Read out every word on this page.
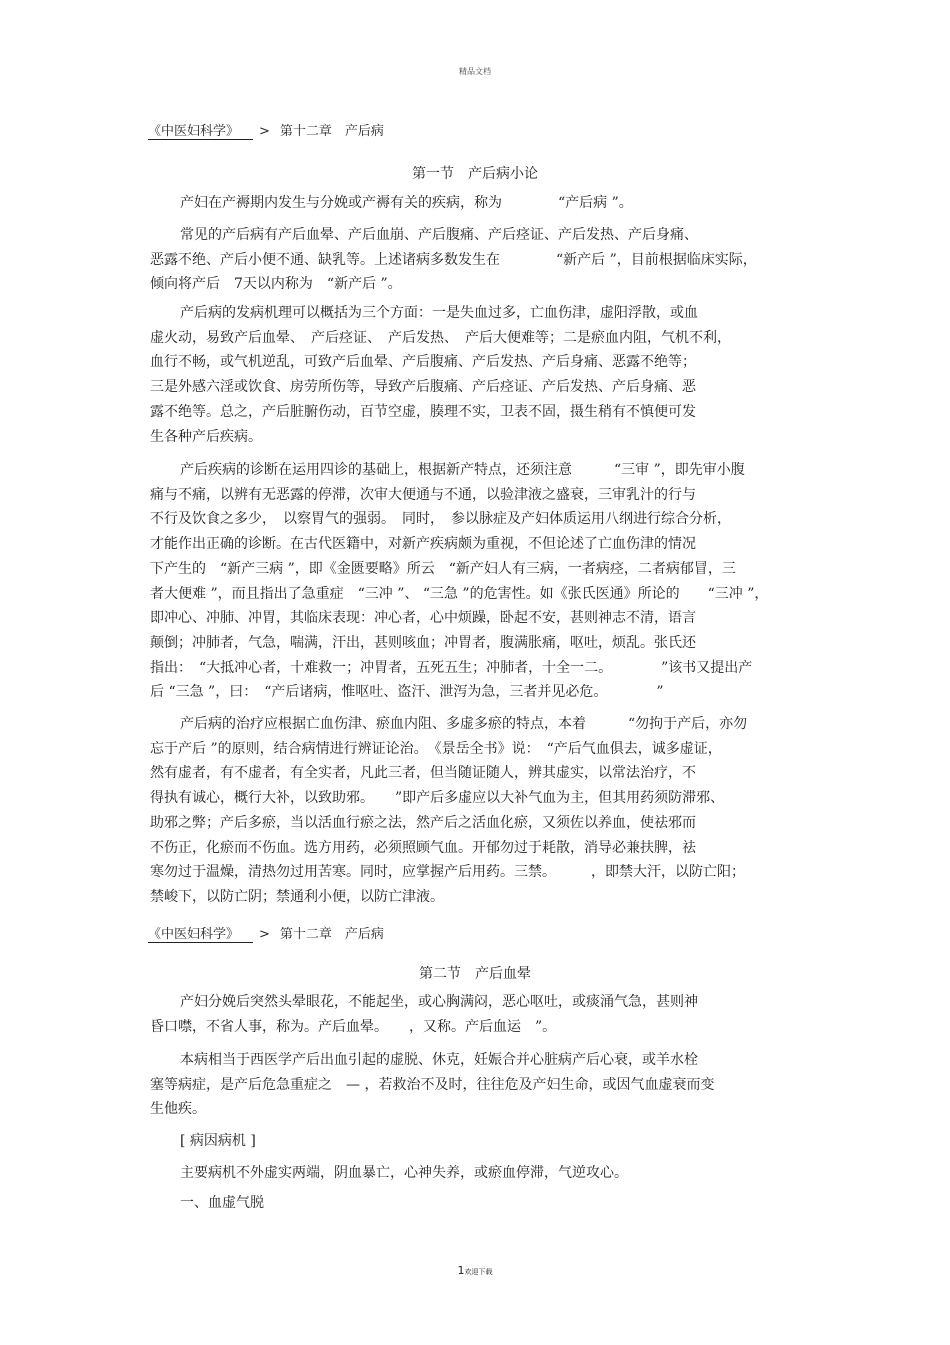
精品文档
《中医妇科学》 > 第十二章　产后病
第一节　产后病小论
产妇在产褥期内发生与分娩或产褥有关的疾病，称为　　　　“产后病 ”。
常见的产后病有产后血晕、产后血崩、产后腹痛、产后痉证、产后发热、产后身痛、
恶露不绝、产后小便不通、缺乳等。上述诸病多数发生在　　　　“新产后 ”，目前根据临床实际，
倾向将产后　7天以内称为　“新产后 ”。
产后病的发病机理可以概括为三个方面：一是失血过多，亡血伤津，虚阳浮散，或血
虚火动，易致产后血晕、　产后痉证、　产后发热、　产后大便难等；二是瘀血内阻，气机不利，
血行不畅，或气机逆乱，可致产后血晕、产后腹痛、产后发热、产后身痛、恶露不绝等；
三是外感六淫或饮食、房劳所伤等，导致产后腹痛、产后痉证、产后发热、产后身痛、恶
露不绝等。总之，产后脏腑伤动，百节空虚，腠理不实，卫表不固，摄生稍有不慎便可发
生各种产后疾病。
产后疾病的诊断在运用四诊的基础上，根据新产特点，还须注意　　　“三审 ”，即先审小腹
痛与不痛，以辨有无恶露的停滞，次审大便通与不通，以验津液之盛衰，三审乳汁的行与
不行及饮食之多少，　以察胃气的强弱。　同时，　参以脉症及产妇体质运用八纲进行综合分析，
才能作出正确的诊断。在古代医籍中，对新产疾病颇为重视，不但论述了亡血伤津的情况
下产生的　“新产三病 ”，即《金匮要略》所云　“新产妇人有三病，一者病痉，二者病郁冒，三
者大便难 ”，而且指出了急重症　“三冲 ”、 “三急 ”的危害性。如《张氏医通》所论的　　“三冲 ”，
即冲心、冲肺、冲胃，其临床表现：冲心者，心中烦躁，卧起不安，甚则神志不清，语言
颠倒；冲肺者，气急，喘满，汗出，甚则咳血；冲胃者，腹满胀痛，呕吐，烦乱。张氏还
指出：　“大抵冲心者，十难救一；冲胃者，五死五生；冲肺者，十全一二。　　　　”该书又提出产
后 “三急 ”，曰：　“产后诸病，惟呕吐、盗汗、泄泻为急，三者并见必危。　　　　”
产后病的治疗应根据亡血伤津、瘀血内阻、多虚多瘀的特点，本着　　　“勿拘于产后，亦勿
忘于产后 ”的原则，结合病情进行辨证论治。　《景岳全书》说：　“产后气血俱去，诚多虚证，
然有虚者，有不虚者，有全实者，凡此三者，但当随证随人，辨其虚实，以常法治疗，不
得执有诚心，概行大补，以致助邪。　　”即产后多虚应以大补气血为主，但其用药须防滞邪、
助邪之弊；产后多瘀，当以活血行瘀之法，然产后之活血化瘀，又须佐以养血，使祛邪而
不伤正，化瘀而不伤血。选方用药，必须照顾气血。开郁勿过于耗散，消导必兼扶脾，祛
寒勿过于温燥，清热勿过用苦寒。同时，应掌握产后用药。三禁。　　　，即禁大汗，以防亡阳；
禁峻下，以防亡阴；禁通利小便，以防亡津液。
《中医妇科学》 > 第十二章　产后病
第二节　产后血晕
产妇分娩后突然头晕眼花，不能起坐，或心胸满闷，恶心呕吐，或痰涌气急，甚则神
昏口噤，不省人事，称为。产后血晕。　　，又称。产后血运　”。
本病相当于西医学产后出血引起的虚脱、休克，妊娠合并心脏病产后心衰，或羊水栓
塞等病症，是产后危急重症之　— ，若救治不及时，往往危及产妇生命，或因气血虚衰而变
生他疾。
[ 病因病机 ]
主要病机不外虚实两端，阴血暴亡，心神失养，或瘀血停滞，气逆攻心。
一、血虚气脱
1欢迎下载
